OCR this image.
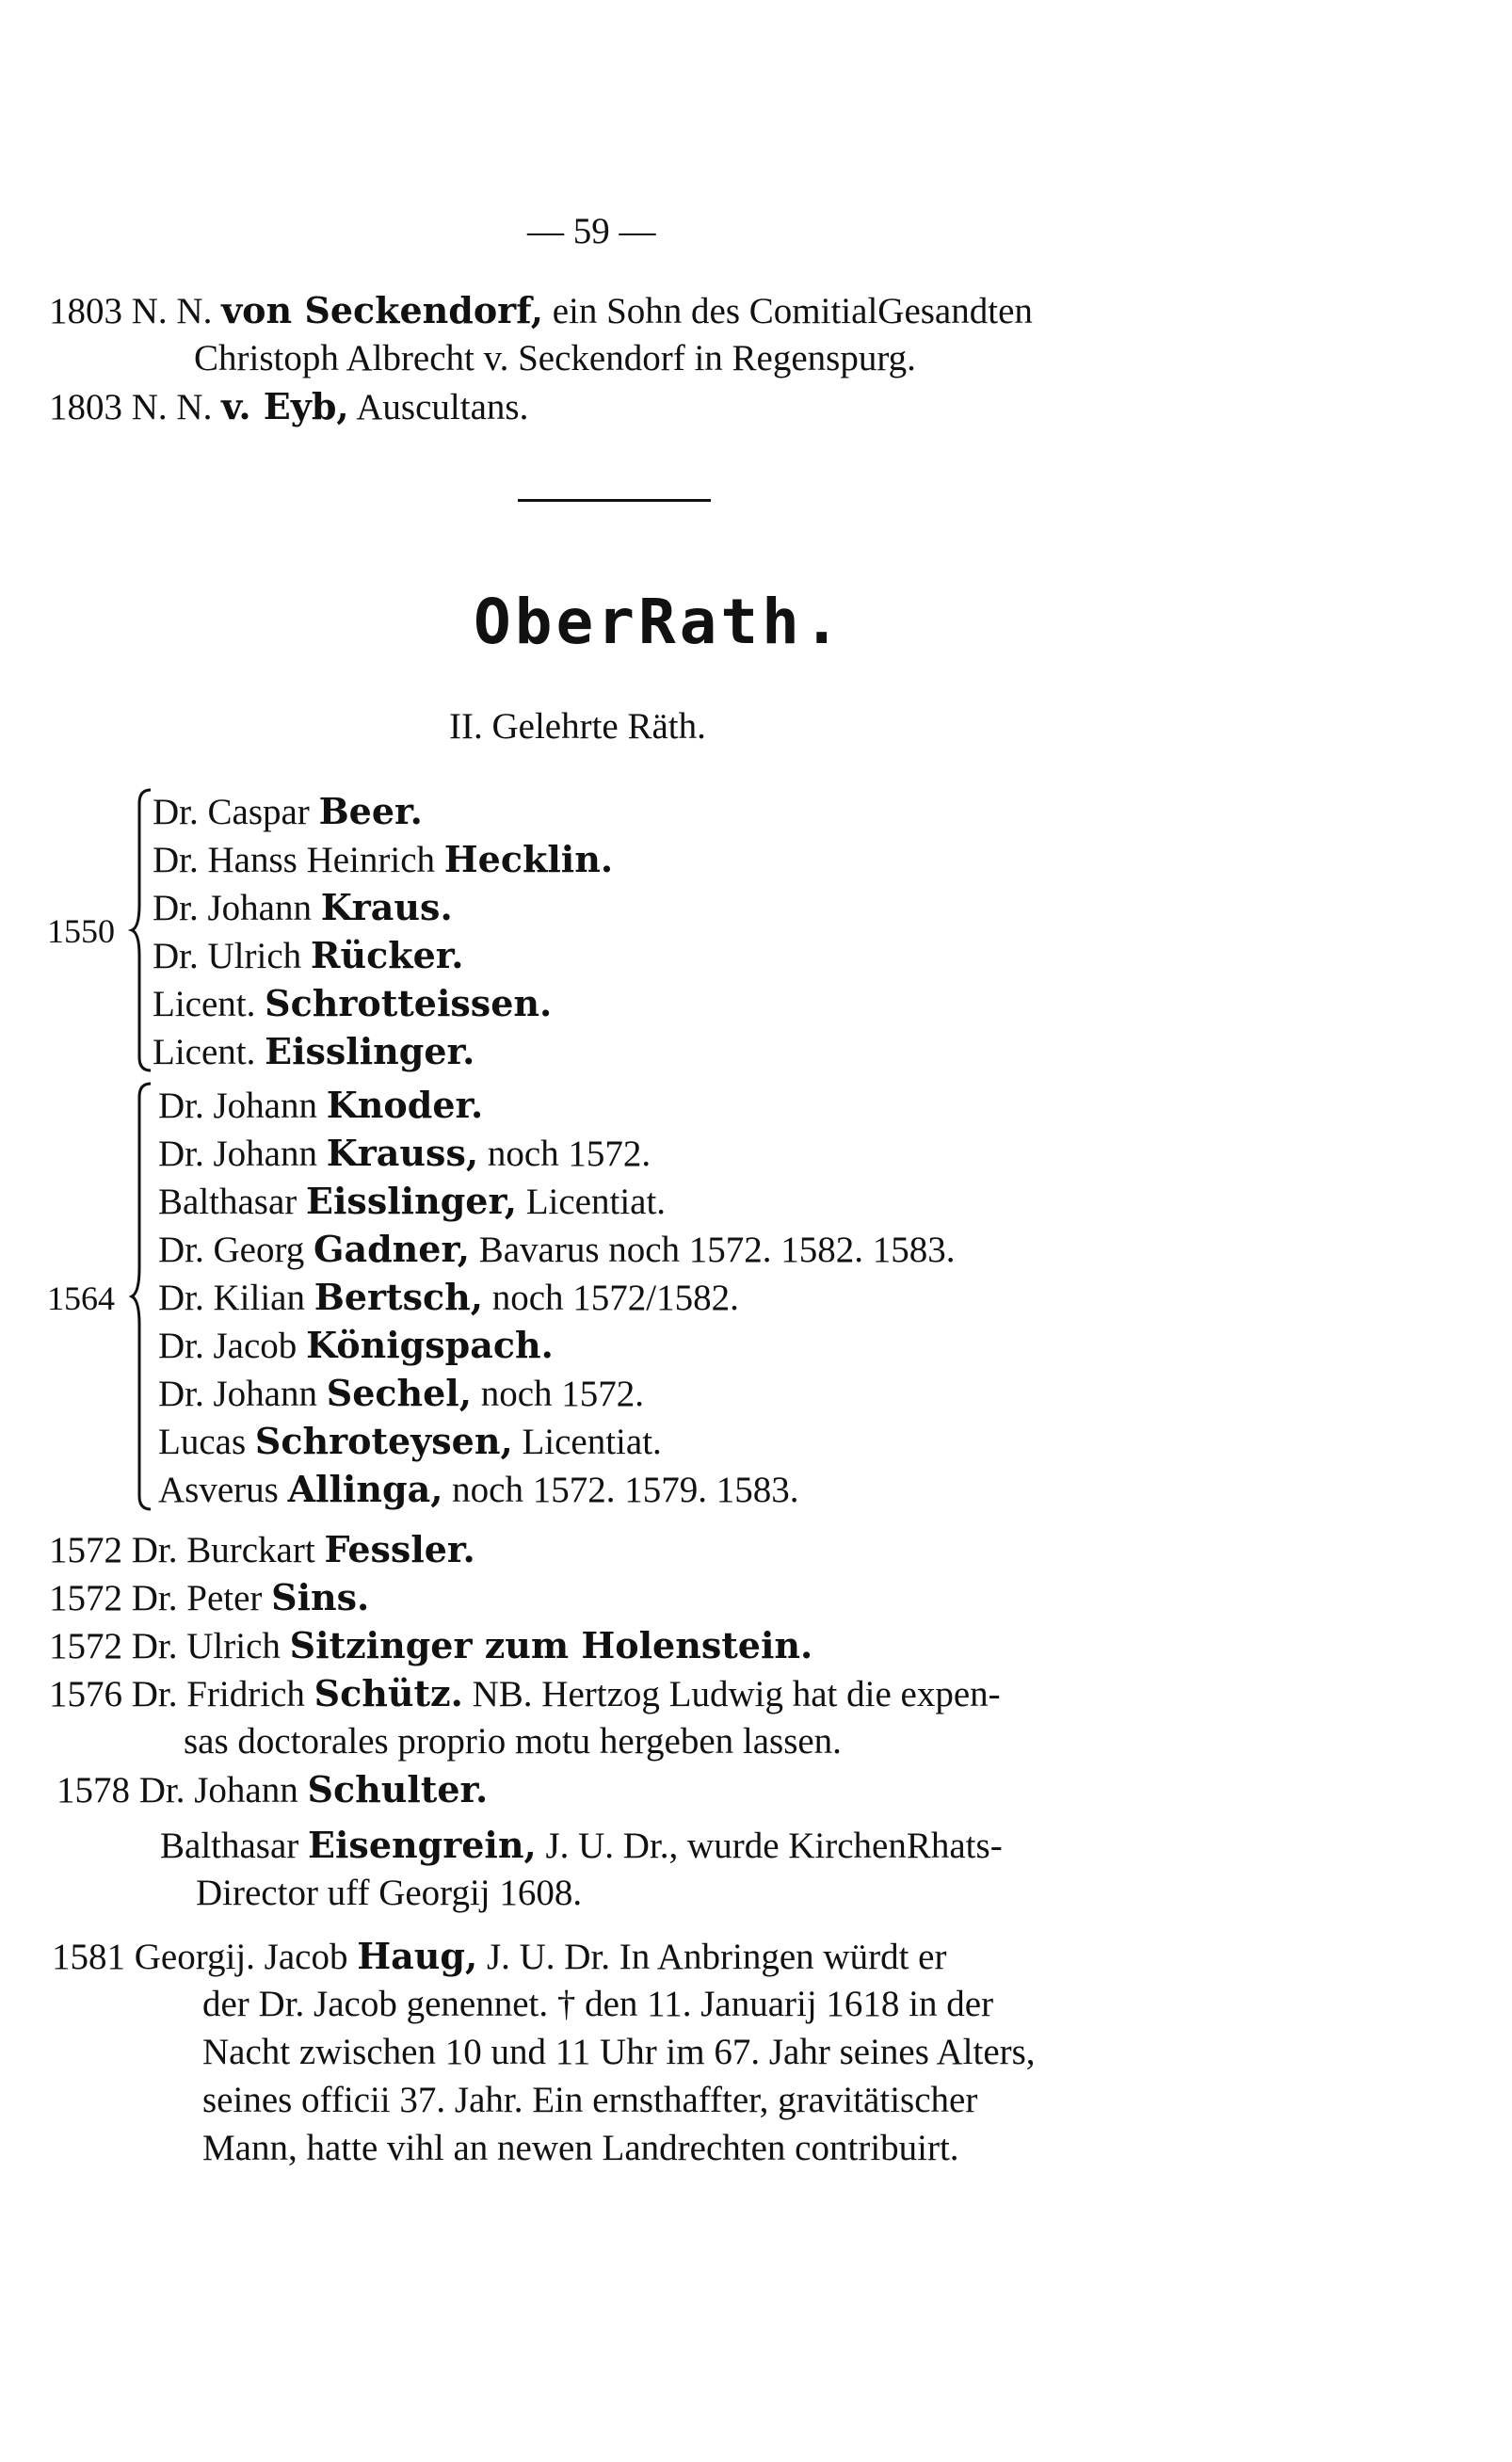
— 59 —
1803 N. N. von Seckendorf, ein Sohn des ComitialGesandten
Christoph Albrecht v. Seckendorf in Regenspurg.
1803 N. N. v. Eyb, Auscultans.
OberRath.
II. Gelehrte Räth.
1550
Dr. Caspar Beer.
Dr. Hanss Heinrich Hecklin.
Dr. Johann Kraus.
Dr. Ulrich Rücker.
Licent. Schrotteissen.
Licent. Eisslinger.
1564
Dr. Johann Knoder.
Dr. Johann Krauss, noch 1572.
Balthasar Eisslinger, Licentiat.
Dr. Georg Gadner, Bavarus noch 1572. 1582. 1583.
Dr. Kilian Bertsch, noch 1572/1582.
Dr. Jacob Königspach.
Dr. Johann Sechel, noch 1572.
Lucas Schroteysen, Licentiat.
Asverus Allinga, noch 1572. 1579. 1583.
1572 Dr. Burckart Fessler.
1572 Dr. Peter Sins.
1572 Dr. Ulrich Sitzinger zum Holenstein.
1576 Dr. Fridrich Schütz. NB. Hertzog Ludwig hat die expen-
sas doctorales proprio motu hergeben lassen.
1578 Dr. Johann Schulter.
Balthasar Eisengrein, J. U. Dr., wurde KirchenRhats-
Director uff Georgij 1608.
1581 Georgij. Jacob Haug, J. U. Dr. In Anbringen würdt er
der Dr. Jacob genennet. † den 11. Januarij 1618 in der
Nacht zwischen 10 und 11 Uhr im 67. Jahr seines Alters,
seines officii 37. Jahr. Ein ernsthaffter, gravitätischer
Mann, hatte vihl an newen Landrechten contribuirt.
